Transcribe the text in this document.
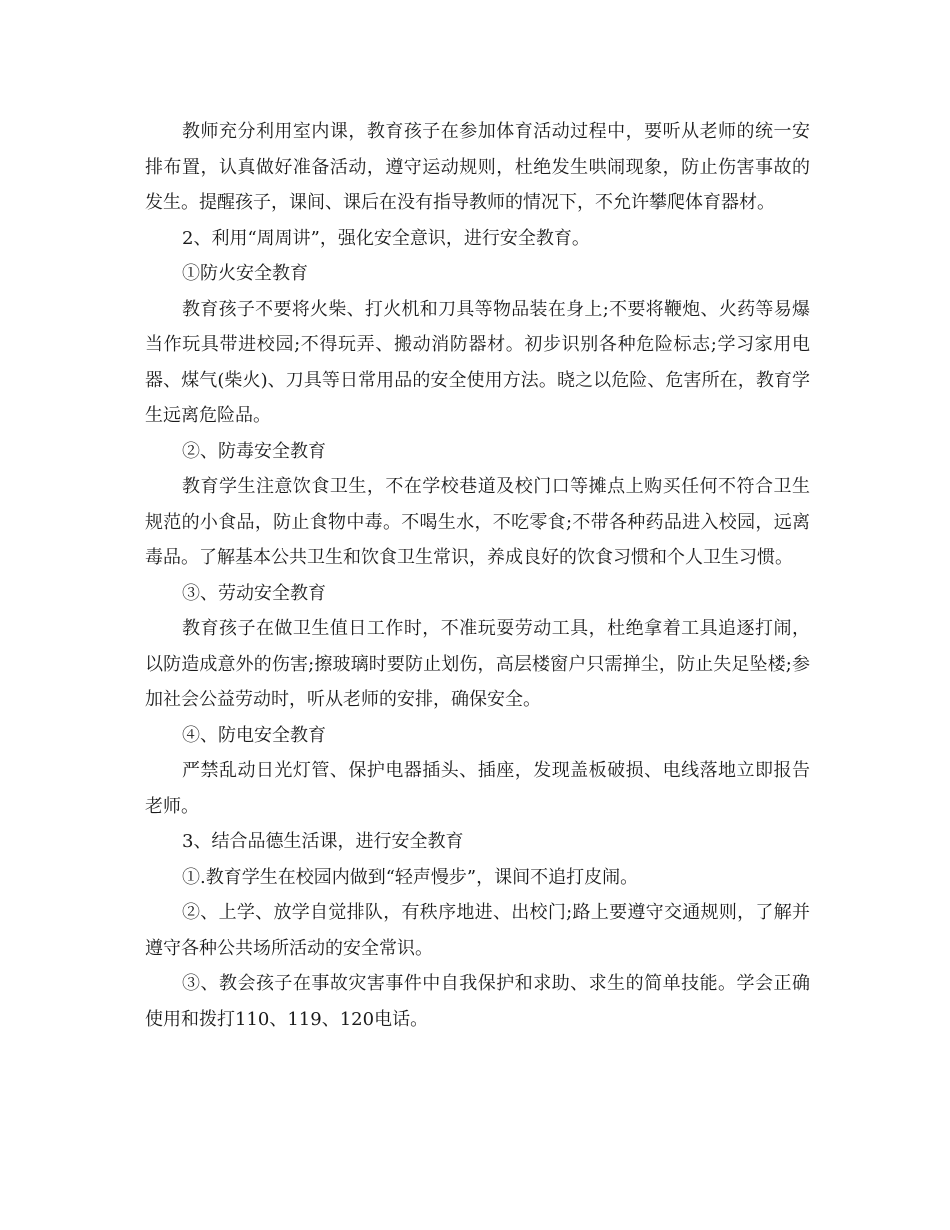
教师充分利用室内课，教育孩子在参加体育活动过程中，要听从老师的统一安排布置，认真做好准备活动，遵守运动规则，杜绝发生哄闹现象，防止伤害事故的发生。提醒孩子，课间、课后在没有指导教师的情况下，不允许攀爬体育器材。

2、利用“周周讲”，强化安全意识，进行安全教育。

①防火安全教育

教育孩子不要将火柴、打火机和刀具等物品装在身上;不要将鞭炮、火药等易爆当作玩具带进校园;不得玩弄、搬动消防器材。初步识别各种危险标志;学习家用电器、煤气(柴火)、刀具等日常用品的安全使用方法。晓之以危险、危害所在，教育学生远离危险品。

②、防毒安全教育

教育学生注意饮食卫生，不在学校巷道及校门口等摊点上购买任何不符合卫生规范的小食品，防止食物中毒。不喝生水，不吃零食;不带各种药品进入校园，远离毒品。了解基本公共卫生和饮食卫生常识，养成良好的饮食习惯和个人卫生习惯。

③、劳动安全教育

教育孩子在做卫生值日工作时，不准玩耍劳动工具，杜绝拿着工具追逐打闹，以防造成意外的伤害;擦玻璃时要防止划伤，高层楼窗户只需掸尘，防止失足坠楼;参加社会公益劳动时，听从老师的安排，确保安全。

④、防电安全教育

严禁乱动日光灯管、保护电器插头、插座，发现盖板破损、电线落地立即报告老师。

3、结合品德生活课，进行安全教育

①.教育学生在校园内做到“轻声慢步”，课间不追打皮闹。

②、上学、放学自觉排队，有秩序地进、出校门;路上要遵守交通规则，了解并遵守各种公共场所活动的安全常识。

③、教会孩子在事故灾害事件中自我保护和求助、求生的简单技能。学会正确使用和拨打110、119、120电话。
